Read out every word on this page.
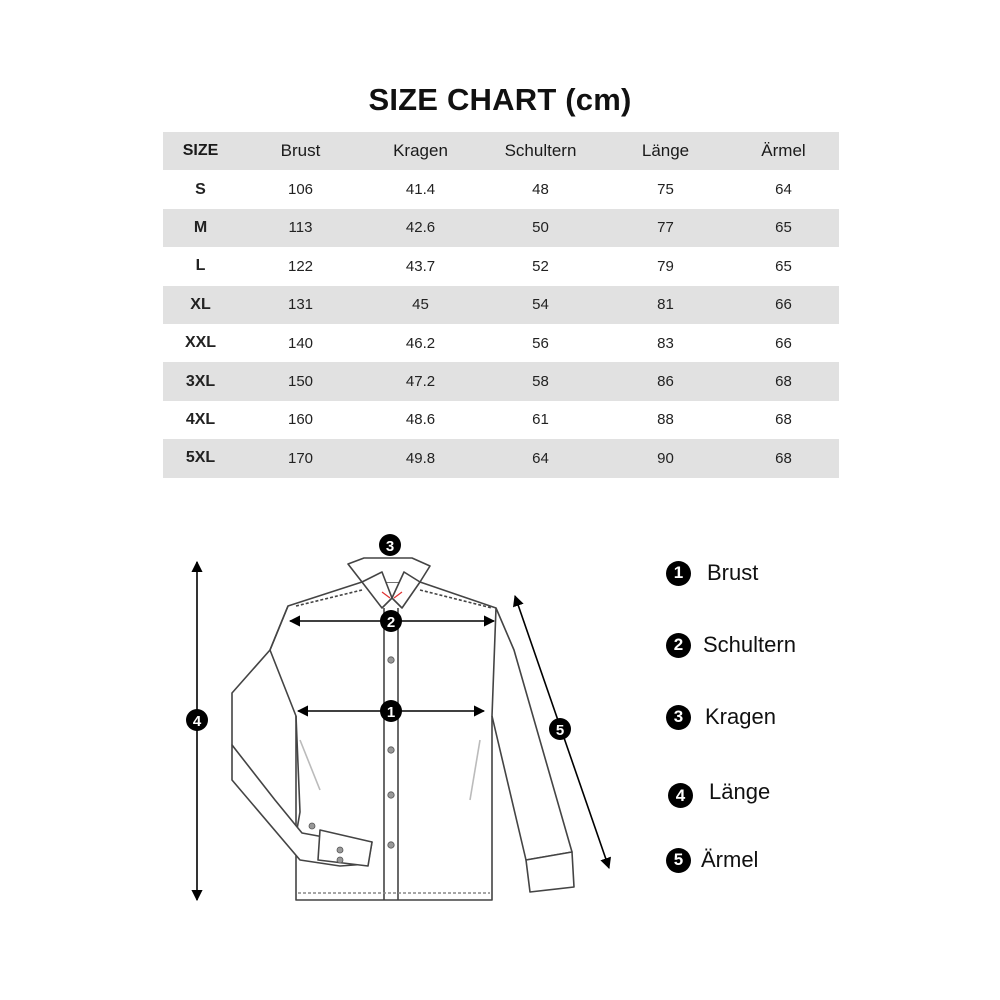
SIZE CHART (cm)
SIZE	Brust	Kragen	Schultern	Länge	Ärmel
S	106	41.4	48	75	64
M	113	42.6	50	77	65
L	122	43.7	52	79	65
XL	131	45	54	81	66
XXL	140	46.2	56	83	66
3XL	150	47.2	58	86	68
4XL	160	48.6	61	88	68
5XL	170	49.8	64	90	68
3
2
1
4
5
1	Brust
2 Schultern
3 Kragen
4	Länge
5 Ärmel
